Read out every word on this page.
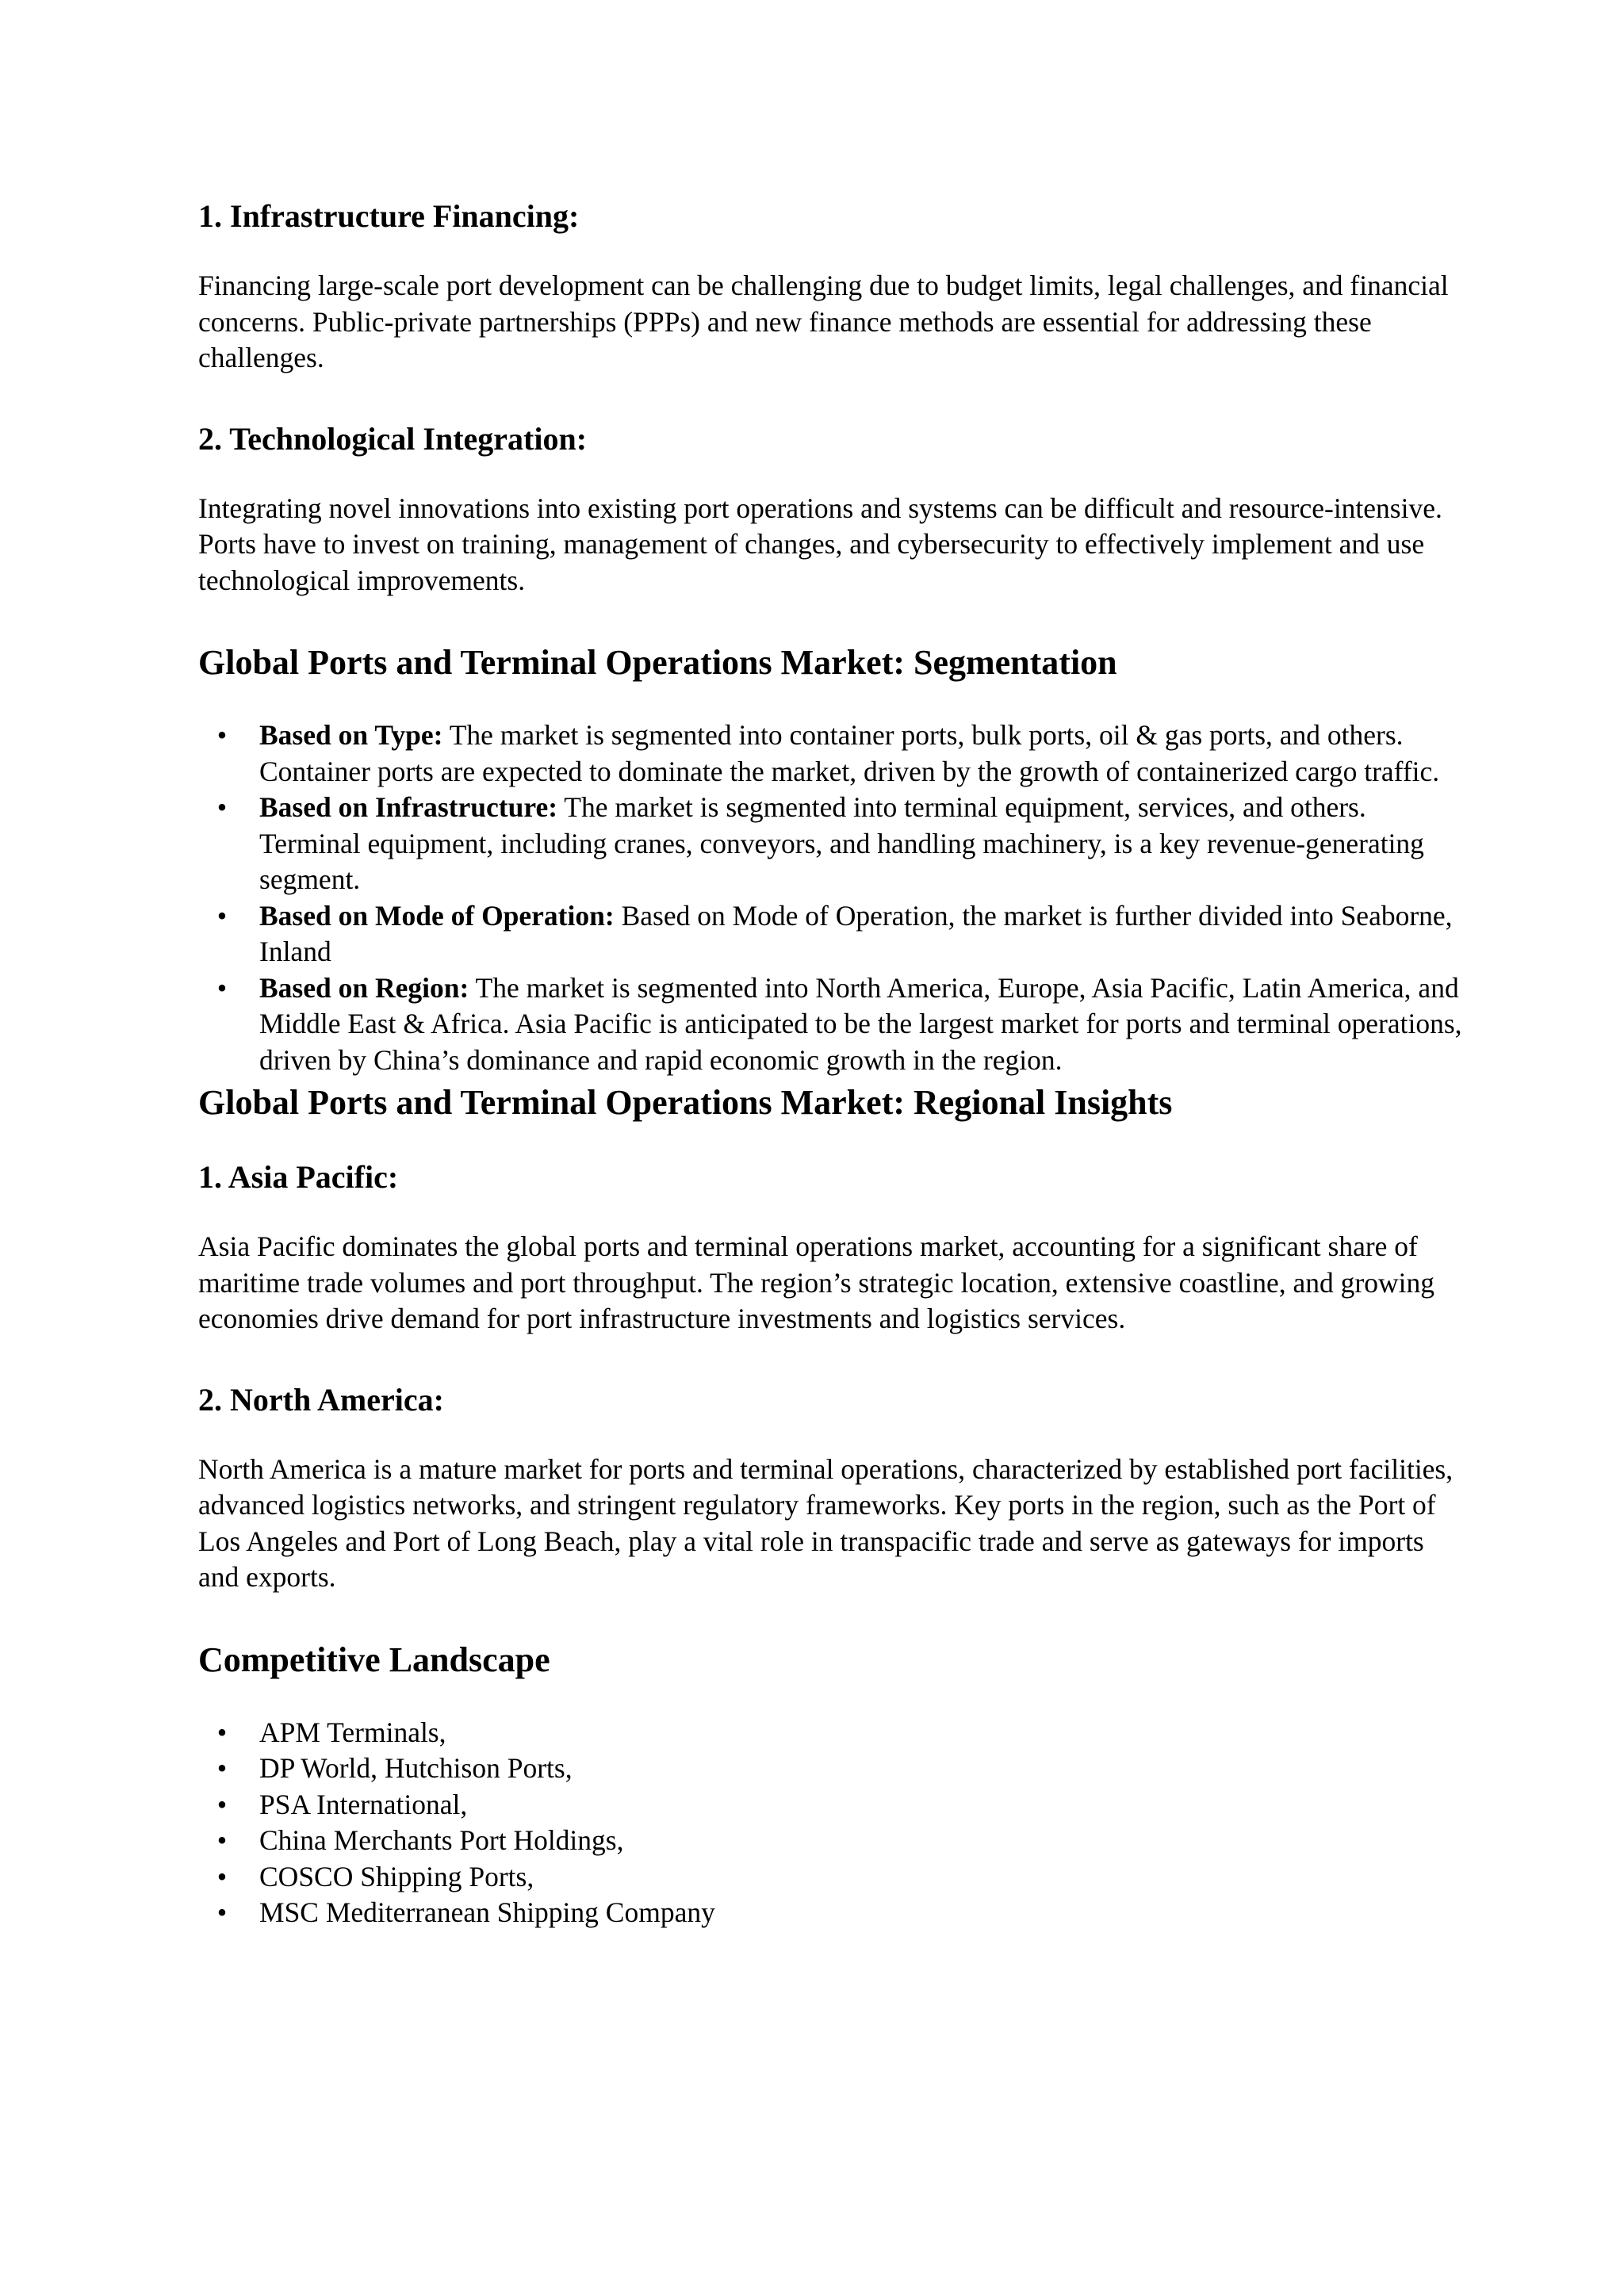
1. Infrastructure Financing:

Financing large-scale port development can be challenging due to budget limits, legal challenges, and financial concerns. Public-private partnerships (PPPs) and new finance methods are essential for addressing these challenges.

2. Technological Integration:

Integrating novel innovations into existing port operations and systems can be difficult and resource-intensive. Ports have to invest on training, management of changes, and cybersecurity to effectively implement and use technological improvements.

Global Ports and Terminal Operations Market: Segmentation
• Based on Type: The market is segmented into container ports, bulk ports, oil & gas ports, and others. Container ports are expected to dominate the market, driven by the growth of containerized cargo traffic.
• Based on Infrastructure: The market is segmented into terminal equipment, services, and others. Terminal equipment, including cranes, conveyors, and handling machinery, is a key revenue-generating segment.
• Based on Mode of Operation: Based on Mode of Operation, the market is further divided into Seaborne, Inland
• Based on Region: The market is segmented into North America, Europe, Asia Pacific, Latin America, and Middle East & Africa. Asia Pacific is anticipated to be the largest market for ports and terminal operations, driven by China’s dominance and rapid economic growth in the region.
Global Ports and Terminal Operations Market: Regional Insights
1. Asia Pacific:

Asia Pacific dominates the global ports and terminal operations market, accounting for a significant share of maritime trade volumes and port throughput. The region’s strategic location, extensive coastline, and growing economies drive demand for port infrastructure investments and logistics services.

2. North America:

North America is a mature market for ports and terminal operations, characterized by established port facilities, advanced logistics networks, and stringent regulatory frameworks. Key ports in the region, such as the Port of Los Angeles and Port of Long Beach, play a vital role in transpacific trade and serve as gateways for imports and exports.

Competitive Landscape
• APM Terminals,
• DP World, Hutchison Ports,
• PSA International,
• China Merchants Port Holdings,
• COSCO Shipping Ports,
• MSC Mediterranean Shipping Company
